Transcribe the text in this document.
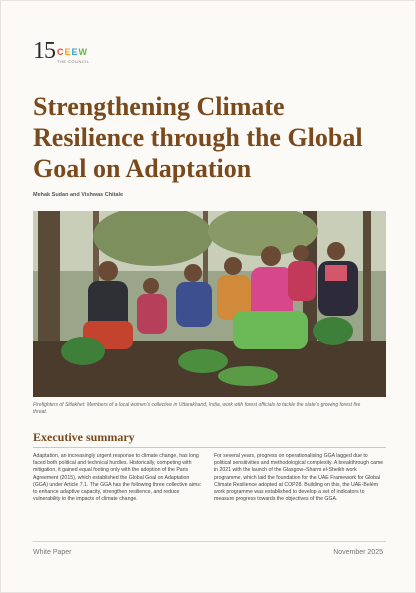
15 C E E W
THE COUNCIL
Strengthening Climate Resilience through the Global Goal on Adaptation
Mehak Sudan and Vishwas Chitale
Firefighters of Sitlakhet: Members of a local women's collective in Uttarakhand, India, work with forest officials to tackle the state's growing forest fire threat.
Executive summary

Adaptation, an increasingly urgent response to climate change, has long faced both political and technical hurdles. Historically, competing with mitigation, it gained equal footing only with the adoption of the Paris Agreement (2015), which established the Global Goal on Adaptation (GGA) under Article 7.1. The GGA has the following three collective aims: to enhance adaptive capacity, strengthen resilience, and reduce vulnerability to the impacts of climate change.

For several years, progress on operationalising GGA lagged due to political sensitivities and methodological complexity. A breakthrough came in 2021 with the launch of the Glasgow–Sharm el-Sheikh work programme, which laid the foundation for the UAE Framework for Global Climate Resilience adopted at COP28. Building on this, the UAE-Belém work programme was established to develop a set of indicators to measure progress towards the objectives of the GGA.

White Paper	November 2025
